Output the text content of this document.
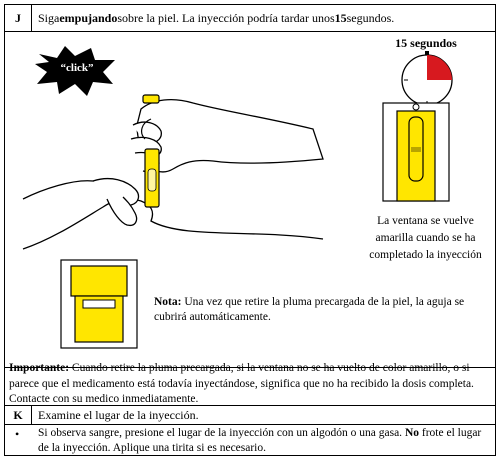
J	Siga empujando sobre la piel. La inyección podría tardar unos 15 segundos.
“click”
15 segundos
La ventana se vuelve amarilla cuando se ha completado la inyección
Nota: Una vez que retire la pluma precargada de la piel, la aguja se cubrirá automáticamente.
Importante: Cuando retire la pluma precargada, si la ventana no se ha vuelto de color amarillo, o si parece que el medicamento está todavía inyectándose, significa que no ha recibido la dosis completa. Contacte con su medico inmediatamente.
K	Examine el lugar de la inyección.
• Si observa sangre, presione el lugar de la inyección con un algodón o una gasa. No frote el lugar de la inyección. Aplique una tirita si es necesario.
